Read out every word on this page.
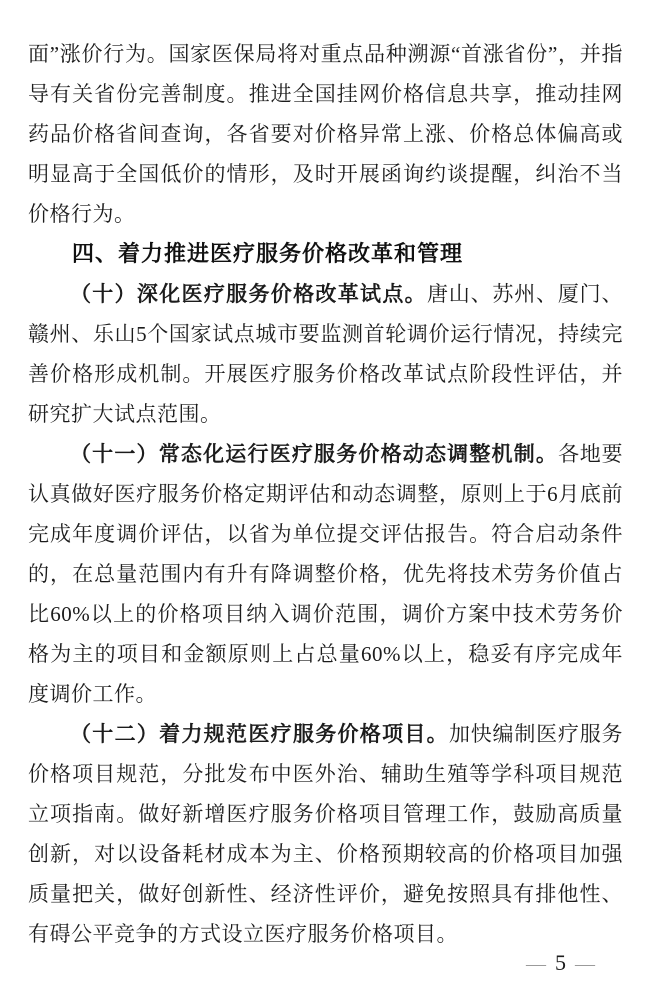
面”涨价行为。国家医保局将对重点品种溯源“首涨省份”，并指导有关省份完善制度。推进全国挂网价格信息共享，推动挂网药品价格省间查询，各省要对价格异常上涨、价格总体偏高或明显高于全国低价的情形，及时开展函询约谈提醒，纠治不当价格行为。

四、着力推进医疗服务价格改革和管理

（十）深化医疗服务价格改革试点。唐山、苏州、厦门、赣州、乐山5个国家试点城市要监测首轮调价运行情况，持续完善价格形成机制。开展医疗服务价格改革试点阶段性评估，并研究扩大试点范围。

（十一）常态化运行医疗服务价格动态调整机制。各地要认真做好医疗服务价格定期评估和动态调整，原则上于6月底前完成年度调价评估，以省为单位提交评估报告。符合启动条件的，在总量范围内有升有降调整价格，优先将技术劳务价值占比60%以上的价格项目纳入调价范围，调价方案中技术劳务价格为主的项目和金额原则上占总量60%以上，稳妥有序完成年度调价工作。

（十二）着力规范医疗服务价格项目。加快编制医疗服务价格项目规范，分批发布中医外治、辅助生殖等学科项目规范立项指南。做好新增医疗服务价格项目管理工作，鼓励高质量创新，对以设备耗材成本为主、价格预期较高的价格项目加强质量把关，做好创新性、经济性评价，避免按照具有排他性、有碍公平竞争的方式设立医疗服务价格项目。

— 5 —
